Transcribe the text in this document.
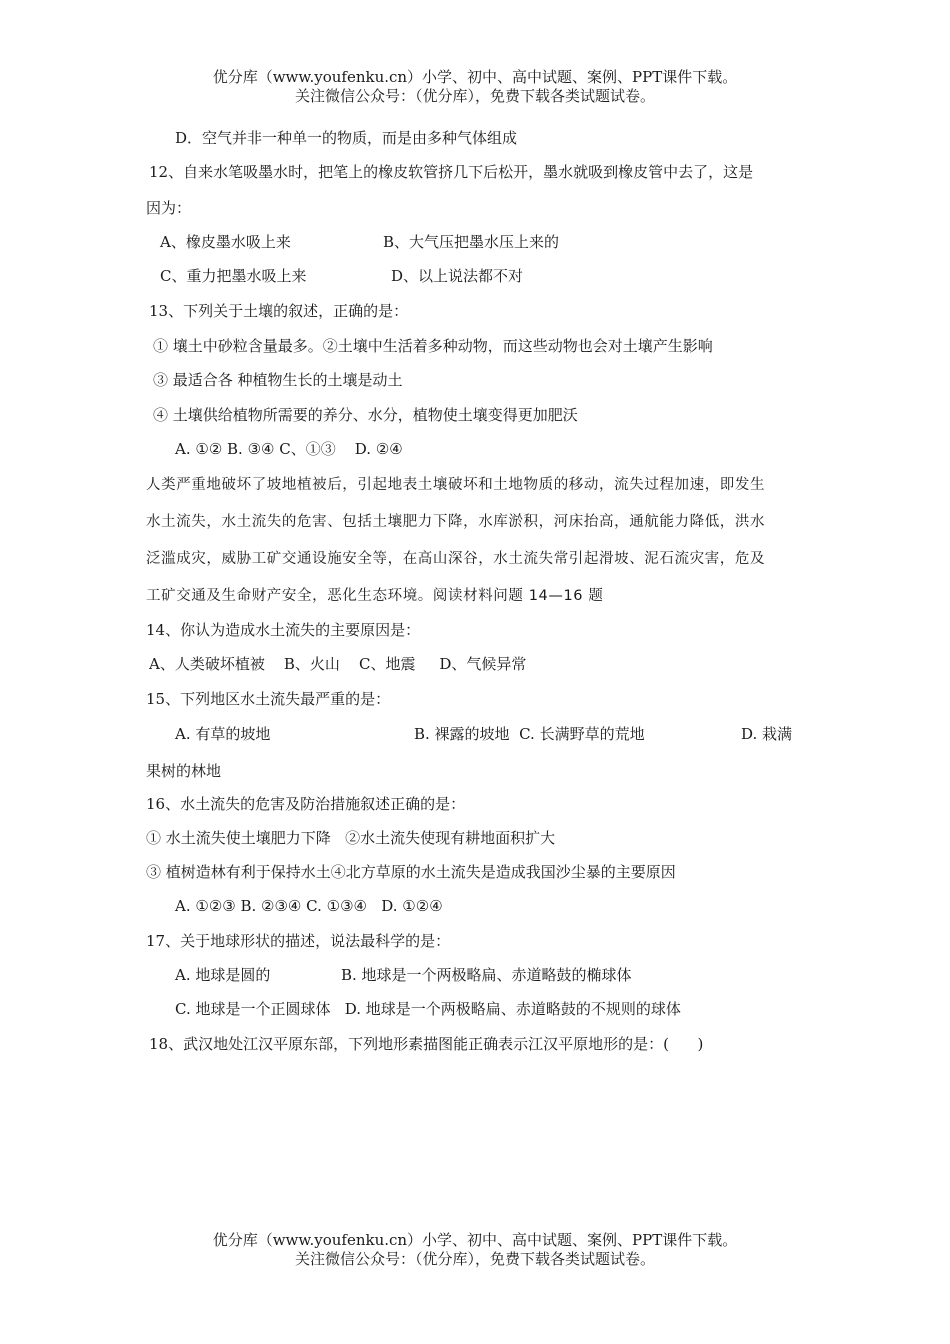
优分库（www.youfenku.cn）小学、初中、高中试题、案例、PPT课件下载。
关注微信公众号：（优分库），免费下载各类试题试卷。
D．空气并非一种单一的物质，而是由多种气体组成
12、自来水笔吸墨水时，把笔上的橡皮软管挤几下后松开，墨水就吸到橡皮管中去了，这是
因为：
A、橡皮墨水吸上来	B、大气压把墨水压上来的
C、重力把墨水吸上来	D、以上说法都不对
13、下列关于土壤的叙述，正确的是：
① 壤土中砂粒含量最多。②土壤中生活着多种动物，而这些动物也会对土壤产生影响
③ 最适合各 种植物生长的土壤是动土
④ 土壤供给植物所需要的养分、水分，植物使土壤变得更加肥沃
A. ①② B. ③④ C、①③    D. ②④
人类严重地破坏了坡地植被后，引起地表土壤破坏和土地物质的移动，流失过程加速，即发生
水土流失，水土流失的危害、包括土壤肥力下降，水库淤积，河床抬高，通航能力降低，洪水
泛滥成灾，威胁工矿交通设施安全等，在高山深谷，水土流失常引起滑坡、泥石流灾害，危及
工矿交通及生命财产安全，恶化生态环境。阅读材料问题 14—16 题
14、你认为造成水土流失的主要原因是：
A、人类破坏植被    B、火山    C、地震     D、气候异常
15、下列地区水土流失最严重的是：
A. 有草的坡地	B. 裸露的坡地  C. 长满野草的荒地	D. 栽满
果树的林地
16、水土流失的危害及防治措施叙述正确的是：
① 水土流失使土壤肥力下降   ②水土流失使现有耕地面积扩大
③ 植树造林有利于保持水土④北方草原的水土流失是造成我国沙尘暴的主要原因
A. ①②③ B. ②③④ C. ①③④   D. ①②④
17、关于地球形状的描述，说法最科学的是：
A. 地球是圆的	B. 地球是一个两极略扁、赤道略鼓的椭球体
C. 地球是一个正圆球体   D. 地球是一个两极略扁、赤道略鼓的不规则的球体
18、武汉地处江汉平原东部，下列地形素描图能正确表示江汉平原地形的是：(      )
优分库（www.youfenku.cn）小学、初中、高中试题、案例、PPT课件下载。
关注微信公众号：（优分库），免费下载各类试题试卷。
